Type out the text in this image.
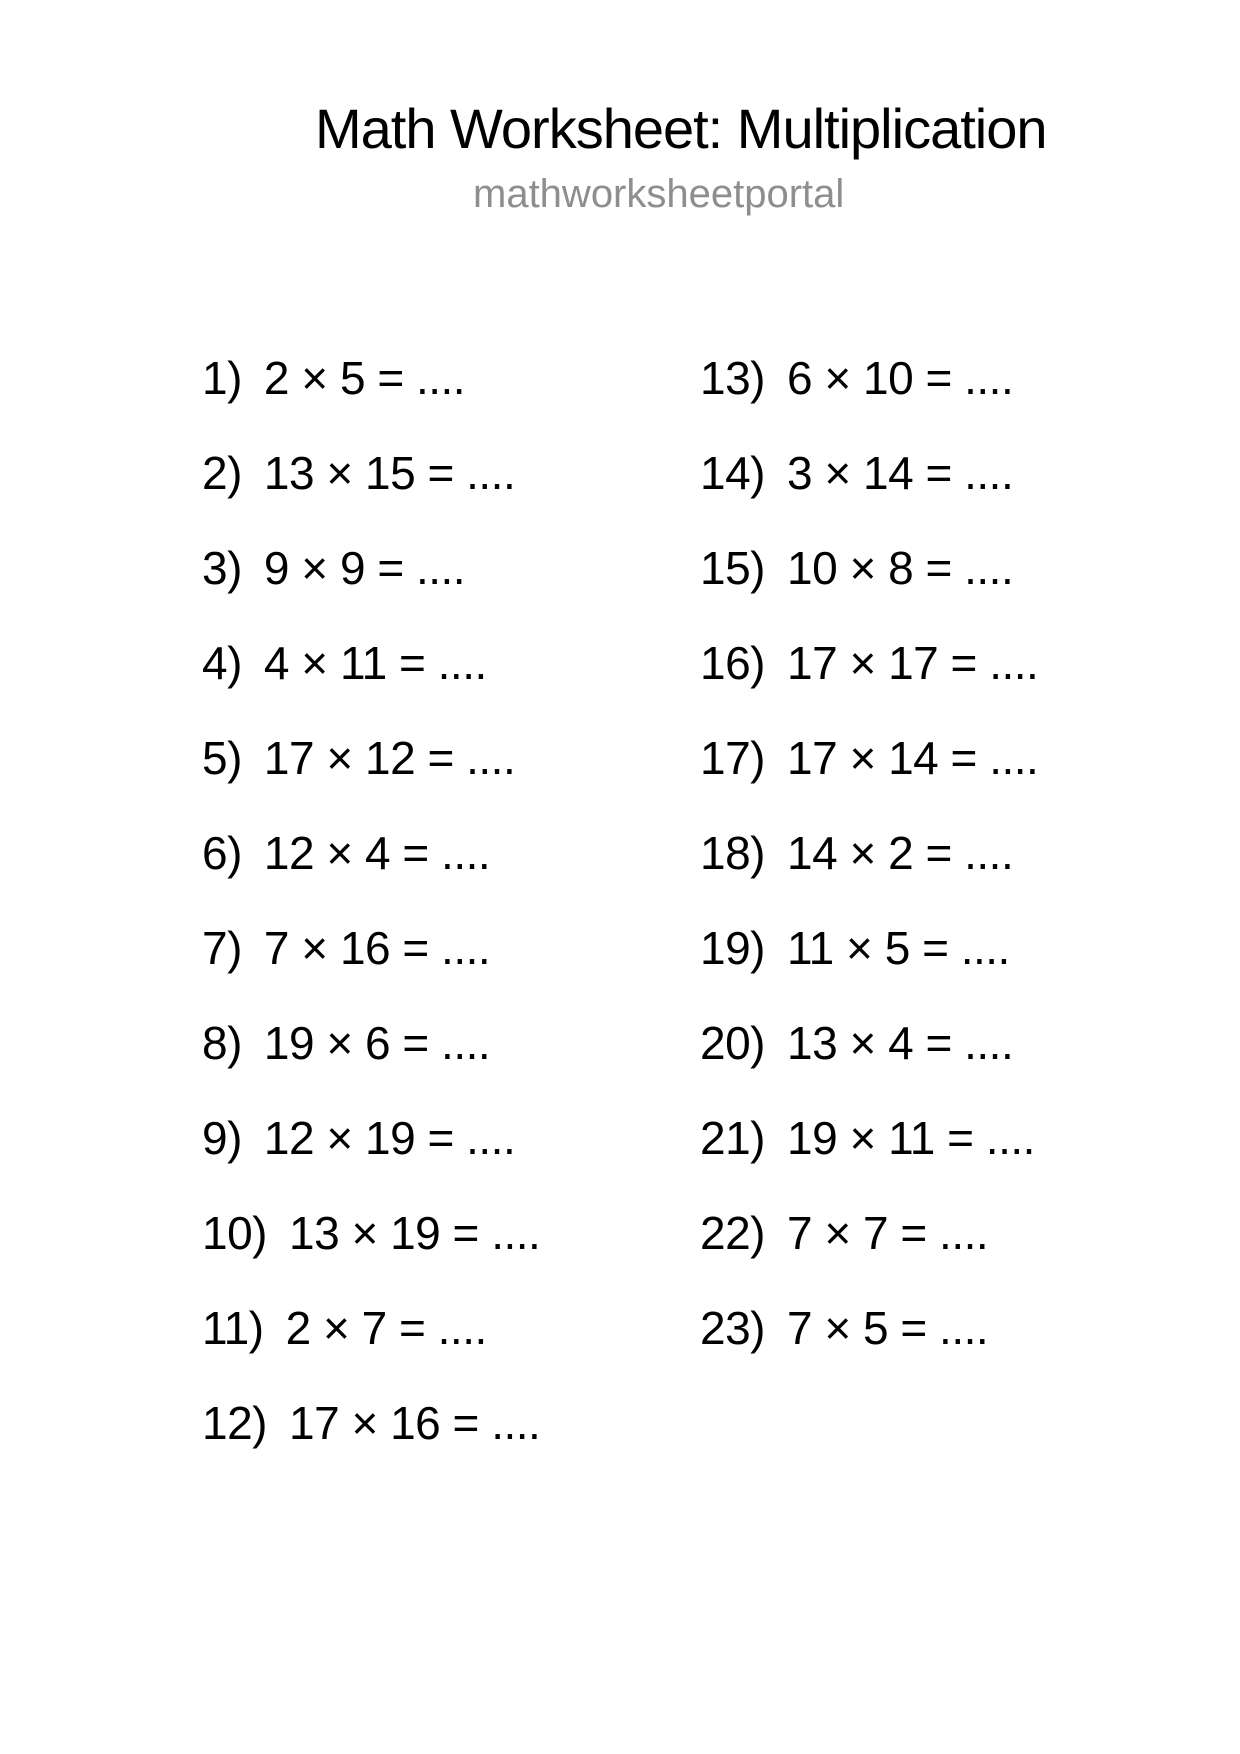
Math Worksheet: Multiplication
mathworksheetportal
1) 2 × 5 = ....
2) 13 × 15 = ....
3) 9 × 9 = ....
4) 4 × 11 = ....
5) 17 × 12 = ....
6) 12 × 4 = ....
7) 7 × 16 = ....
8) 19 × 6 = ....
9) 12 × 19 = ....
10) 13 × 19 = ....
11) 2 × 7 = ....
12) 17 × 16 = ....
13) 6 × 10 = ....
14) 3 × 14 = ....
15) 10 × 8 = ....
16) 17 × 17 = ....
17) 17 × 14 = ....
18) 14 × 2 = ....
19) 11 × 5 = ....
20) 13 × 4 = ....
21) 19 × 11 = ....
22) 7 × 7 = ....
23) 7 × 5 = ....
